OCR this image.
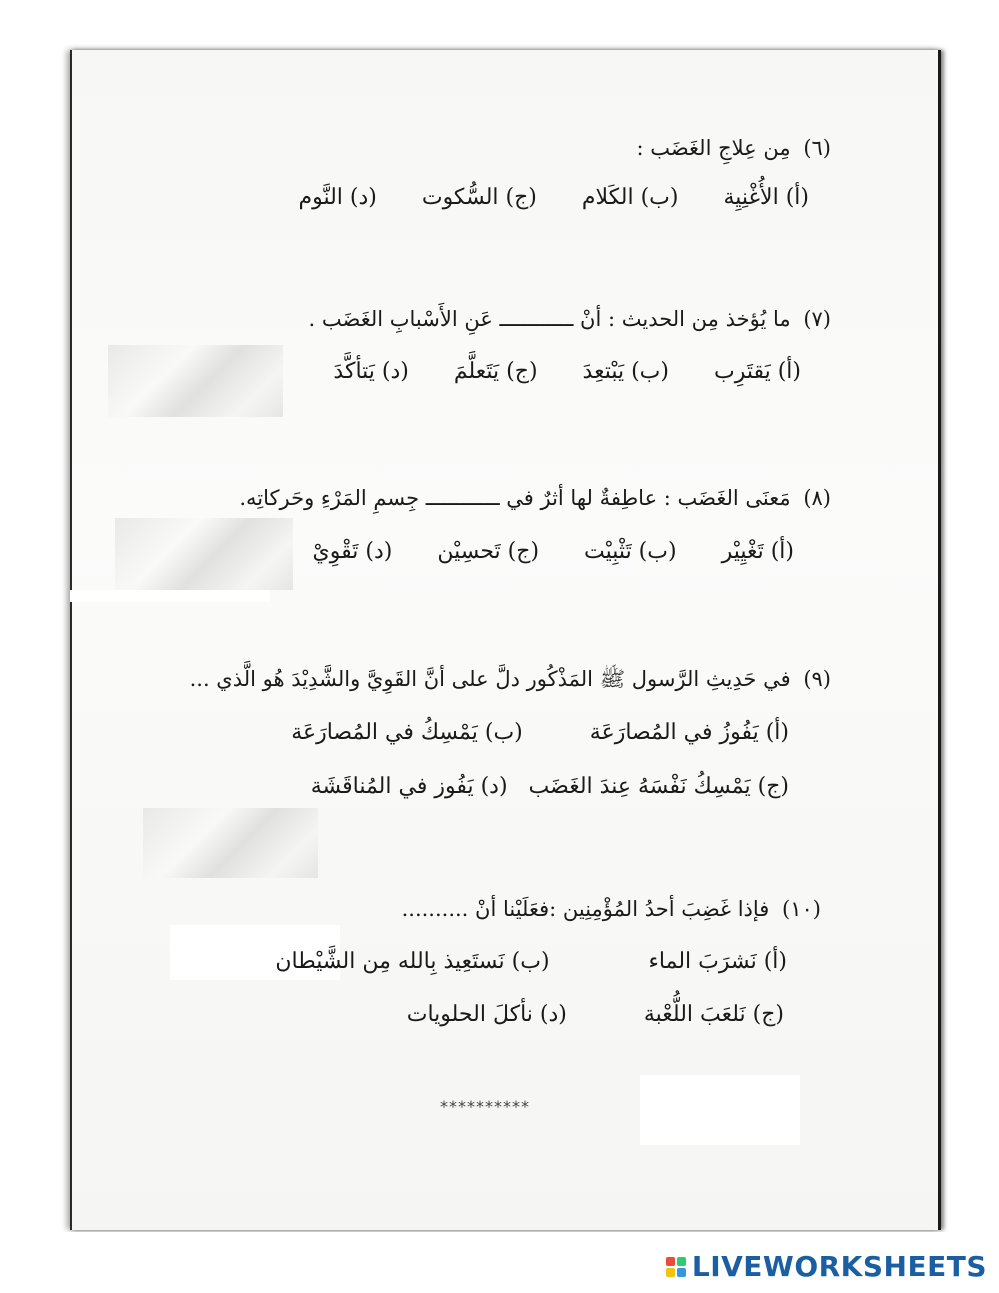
(٦) مِن عِلاجِ الغَضَب :
(أ) الأُغْنِيِة (ب) الكَلام (ج) السُّكوت (د) النَّوم
(٧) ما يُؤخذ مِن الحديث : أنْ ــــــــــــ عَنِ الأَسْبابِ الغَضَب .
(أ) يَقتَرِب (ب) يَبْتعِدَ (ج) يَتَعلَّمَ (د) يَتأكَّدَ
(٨) مَعنَى الغَضَب : عاطِفةٌ لها أثرٌ في ــــــــــــ جِسمِ المَرْءِ وحَركاتِه.
(أ) تَغْيِيْر (ب) تَثْبِيْت (ج) تَحسِيْن (د) تَقْوِيْ
(٩) في حَدِيثِ الرَّسول ﷺ المَذْكُور دلَّ على أنَّ القَوِيَّ والشَّدِيْدَ هُو الَّذي ...
(أ) يَفُوزُ في المُصارَعَة (ب) يَمْسِكُ في المُصارَعَة
(ج) يَمْسِكُ نَفْسَهُ عِندَ الغَضَب (د) يَفُوز في المُناقَشَة
(١٠) فإذا غَضِبَ أحدُ المُؤْمِنِين :فعَلَيْنا أنْ ..........
(أ) نَشرَبَ الماء (ب) نَستَعِيذ بِالله مِن الشَّيْطان
(ج) نَلعَبَ اللُّعْبة (د) نأكلَ الحلويات
**********
LIVEWORKSHEETS
